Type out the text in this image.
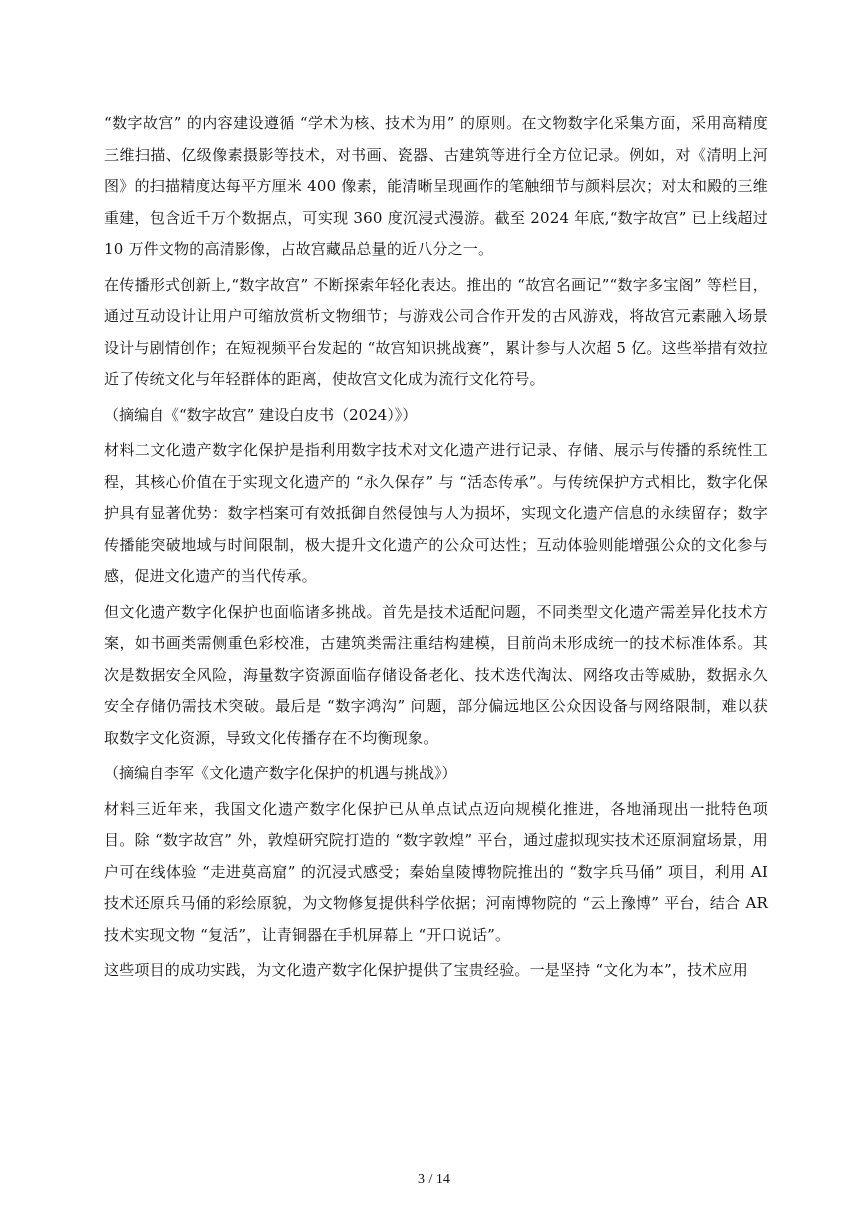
“数字故宫” 的内容建设遵循 “学术为核、技术为用” 的原则。在文物数字化采集方面，采用高精度三维扫描、亿级像素摄影等技术，对书画、瓷器、古建筑等进行全方位记录。例如，对《清明上河图》的扫描精度达每平方厘米 400 像素，能清晰呈现画作的笔触细节与颜料层次；对太和殿的三维重建，包含近千万个数据点，可实现 360 度沉浸式漫游。截至 2024 年底,“数字故宫” 已上线超过 10 万件文物的高清影像，占故宫藏品总量的近八分之一。

在传播形式创新上,“数字故宫” 不断探索年轻化表达。推出的 “故宫名画记”“数字多宝阁” 等栏目，通过互动设计让用户可缩放赏析文物细节；与游戏公司合作开发的古风游戏，将故宫元素融入场景设计与剧情创作；在短视频平台发起的 “故宫知识挑战赛”，累计参与人次超 5 亿。这些举措有效拉近了传统文化与年轻群体的距离，使故宫文化成为流行文化符号。

（摘编自《“数字故宫” 建设白皮书（2024）》）

材料二文化遗产数字化保护是指利用数字技术对文化遗产进行记录、存储、展示与传播的系统性工程，其核心价值在于实现文化遗产的 “永久保存” 与 “活态传承”。与传统保护方式相比，数字化保护具有显著优势：数字档案可有效抵御自然侵蚀与人为损坏，实现文化遗产信息的永续留存；数字传播能突破地域与时间限制，极大提升文化遗产的公众可达性；互动体验则能增强公众的文化参与感，促进文化遗产的当代传承。

但文化遗产数字化保护也面临诸多挑战。首先是技术适配问题，不同类型文化遗产需差异化技术方案，如书画类需侧重色彩校准，古建筑类需注重结构建模，目前尚未形成统一的技术标准体系。其次是数据安全风险，海量数字资源面临存储设备老化、技术迭代淘汰、网络攻击等威胁，数据永久安全存储仍需技术突破。最后是 “数字鸿沟” 问题，部分偏远地区公众因设备与网络限制，难以获取数字文化资源，导致文化传播存在不均衡现象。

（摘编自李军《文化遗产数字化保护的机遇与挑战》）

材料三近年来，我国文化遗产数字化保护已从单点试点迈向规模化推进，各地涌现出一批特色项目。除 “数字故宫” 外，敦煌研究院打造的 “数字敦煌” 平台，通过虚拟现实技术还原洞窟场景，用户可在线体验 “走进莫高窟” 的沉浸式感受；秦始皇陵博物院推出的 “数字兵马俑” 项目，利用 AI 技术还原兵马俑的彩绘原貌，为文物修复提供科学依据；河南博物院的 “云上豫博” 平台，结合 AR 技术实现文物 “复活”，让青铜器在手机屏幕上 “开口说话”。

这些项目的成功实践，为文化遗产数字化保护提供了宝贵经验。一是坚持 “文化为本”，技术应用

3 / 14
